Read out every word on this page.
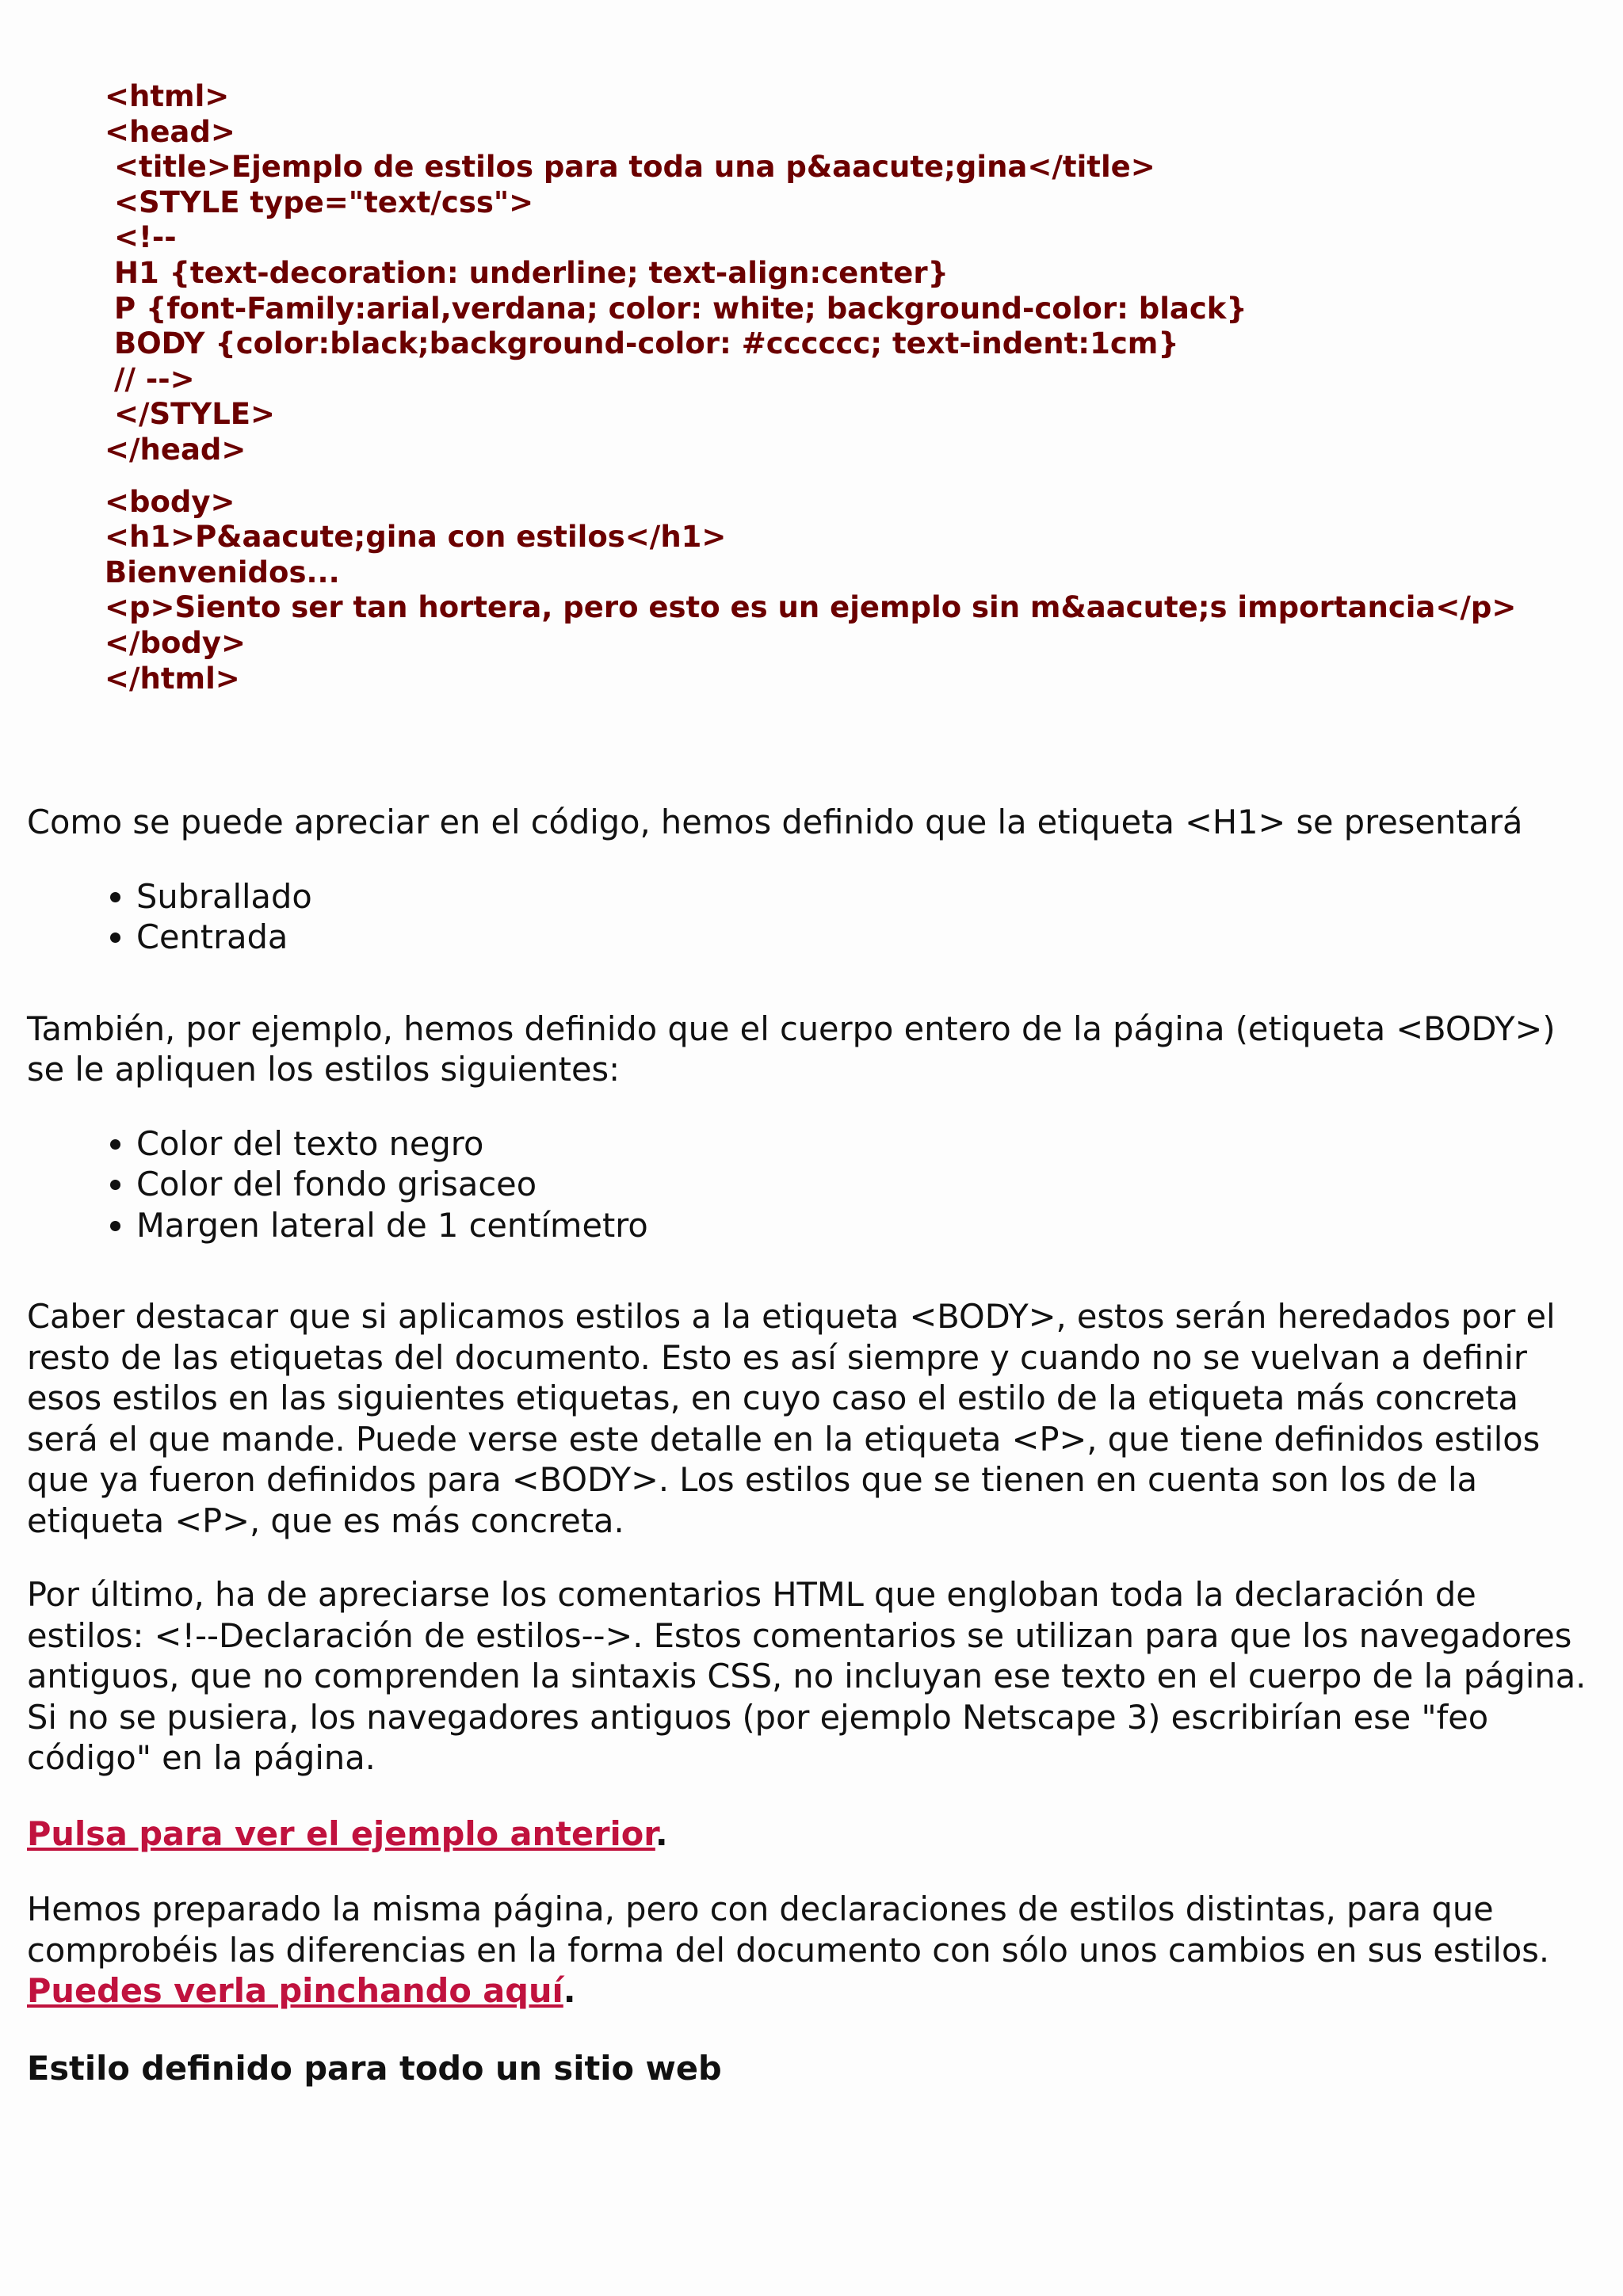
<html>
<head>
<title>Ejemplo de estilos para toda una p&aacute;gina</title>
<STYLE type="text/css">
<!--
H1 {text-decoration: underline; text-align:center}
P {font-Family:arial,verdana; color: white; background-color: black}
BODY {color:black;background-color: #cccccc; text-indent:1cm}
// -->
</STYLE>
</head>
<body>
<h1>P&aacute;gina con estilos</h1>
Bienvenidos...
<p>Siento ser tan hortera, pero esto es un ejemplo sin m&aacute;s importancia</p>
</body>
</html>

Como se puede apreciar en el código, hemos definido que la etiqueta <H1> se presentará

• Subrallado
• Centrada

También, por ejemplo, hemos definido que el cuerpo entero de la página (etiqueta <BODY>) se le apliquen los estilos siguientes:

• Color del texto negro
• Color del fondo grisaceo
• Margen lateral de 1 centímetro

Caber destacar que si aplicamos estilos a la etiqueta <BODY>, estos serán heredados por el resto de las etiquetas del documento. Esto es así siempre y cuando no se vuelvan a definir esos estilos en las siguientes etiquetas, en cuyo caso el estilo de la etiqueta más concreta será el que mande. Puede verse este detalle en la etiqueta <P>, que tiene definidos estilos que ya fueron definidos para <BODY>. Los estilos que se tienen en cuenta son los de la etiqueta <P>, que es más concreta.

Por último, ha de apreciarse los comentarios HTML que engloban toda la declaración de estilos: <!--Declaración de estilos-->. Estos comentarios se utilizan para que los navegadores antiguos, que no comprenden la sintaxis CSS, no incluyan ese texto en el cuerpo de la página. Si no se pusiera, los navegadores antiguos (por ejemplo Netscape 3) escribirían ese "feo código" en la página.

Pulsa para ver el ejemplo anterior.

Hemos preparado la misma página, pero con declaraciones de estilos distintas, para que comprobéis las diferencias en la forma del documento con sólo unos cambios en sus estilos. Puedes verla pinchando aquí.

Estilo definido para todo un sitio web
